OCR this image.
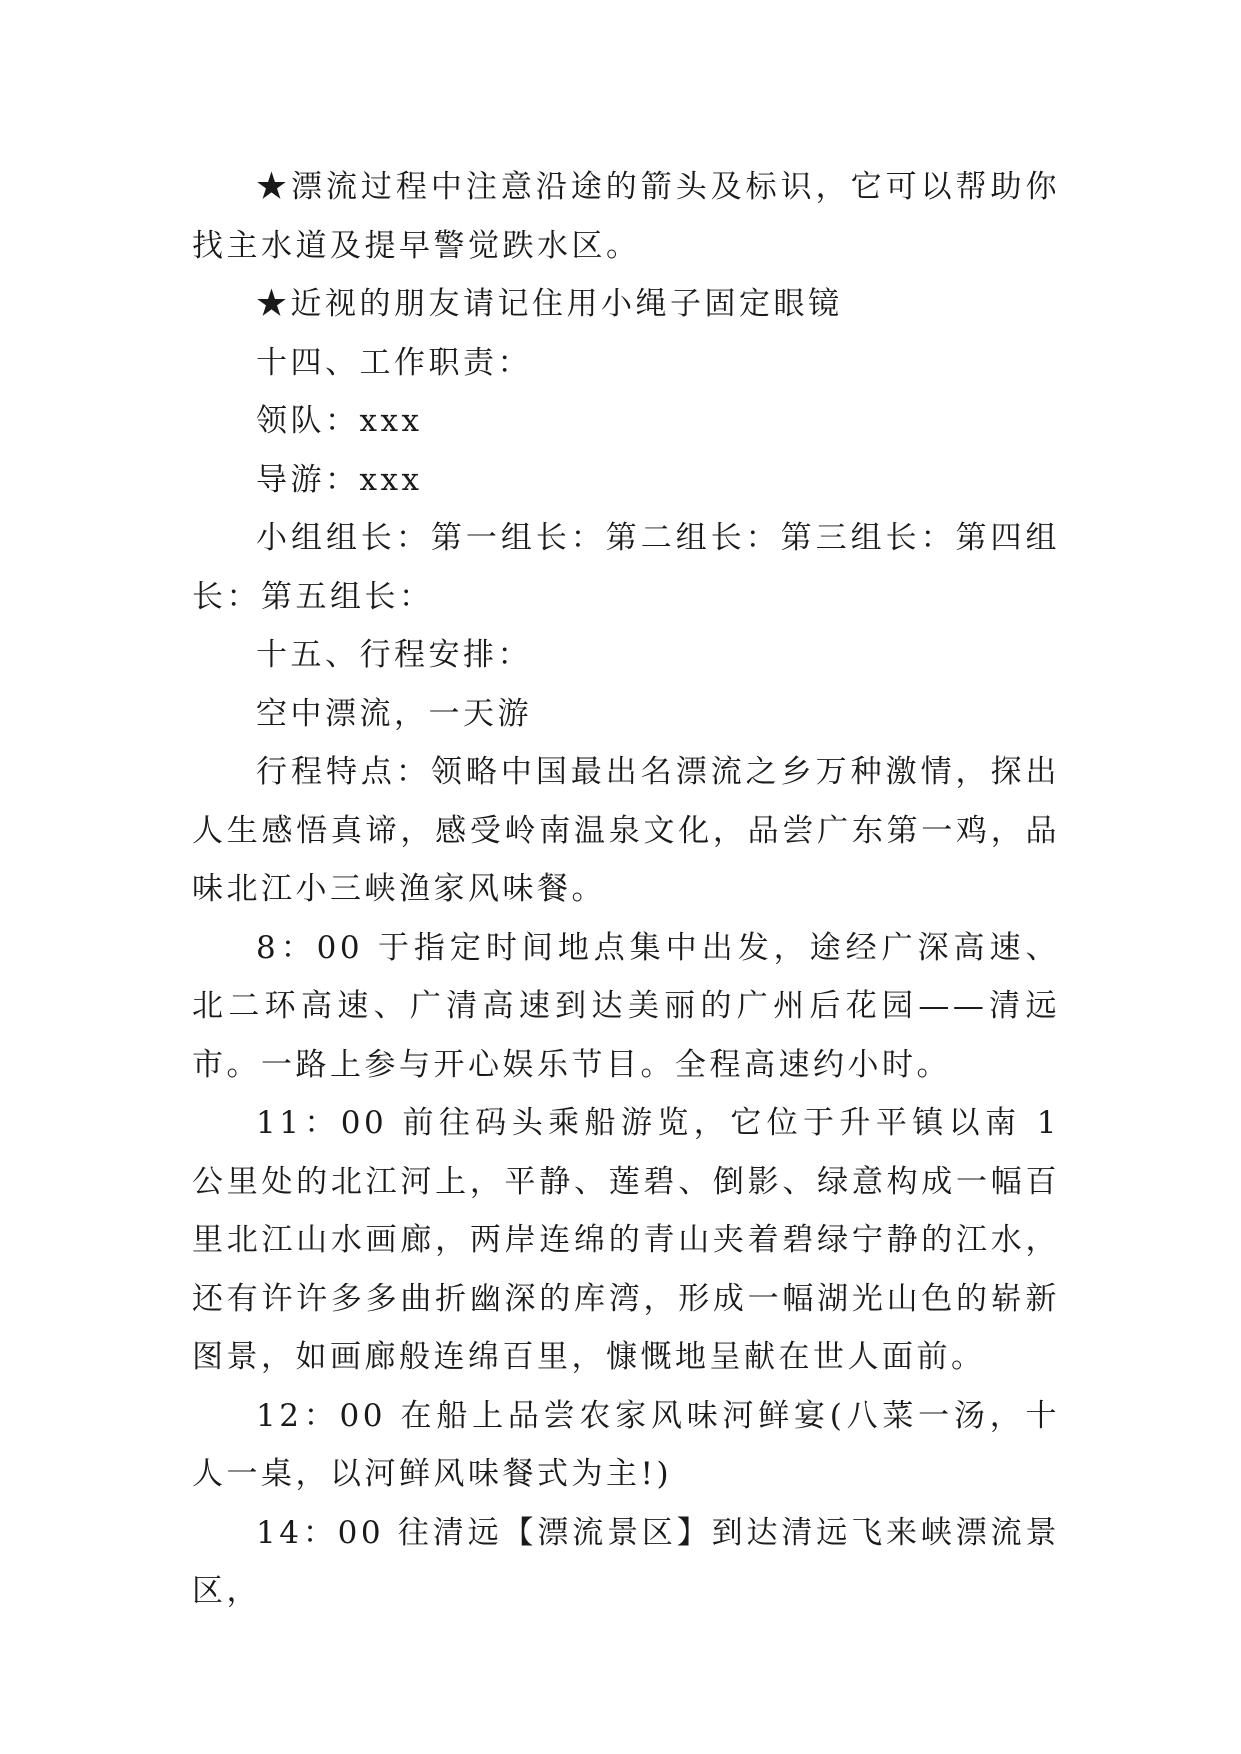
★漂流过程中注意沿途的箭头及标识，它可以帮助你找主水道及提早警觉跌水区。

★近视的朋友请记住用小绳子固定眼镜

十四、工作职责：

领队：xxx

导游：xxx

小组组长：第一组长：第二组长：第三组长：第四组长：第五组长：

十五、行程安排：

空中漂流，一天游

行程特点：领略中国最出名漂流之乡万种激情，探出人生感悟真谛，感受岭南温泉文化，品尝广东第一鸡，品味北江小三峡渔家风味餐。

8：00 于指定时间地点集中出发，途经广深高速、北二环高速、广清高速到达美丽的广州后花园——清远市。一路上参与开心娱乐节目。全程高速约小时。

11：00 前往码头乘船游览，它位于升平镇以南 1 公里处的北江河上，平静、莲碧、倒影、绿意构成一幅百里北江山水画廊，两岸连绵的青山夹着碧绿宁静的江水，还有许许多多曲折幽深的库湾，形成一幅湖光山色的崭新图景，如画廊般连绵百里，慷慨地呈献在世人面前。

12：00 在船上品尝农家风味河鲜宴(八菜一汤，十人一桌，以河鲜风味餐式为主!)

14：00 往清远【漂流景区】到达清远飞来峡漂流景区，
